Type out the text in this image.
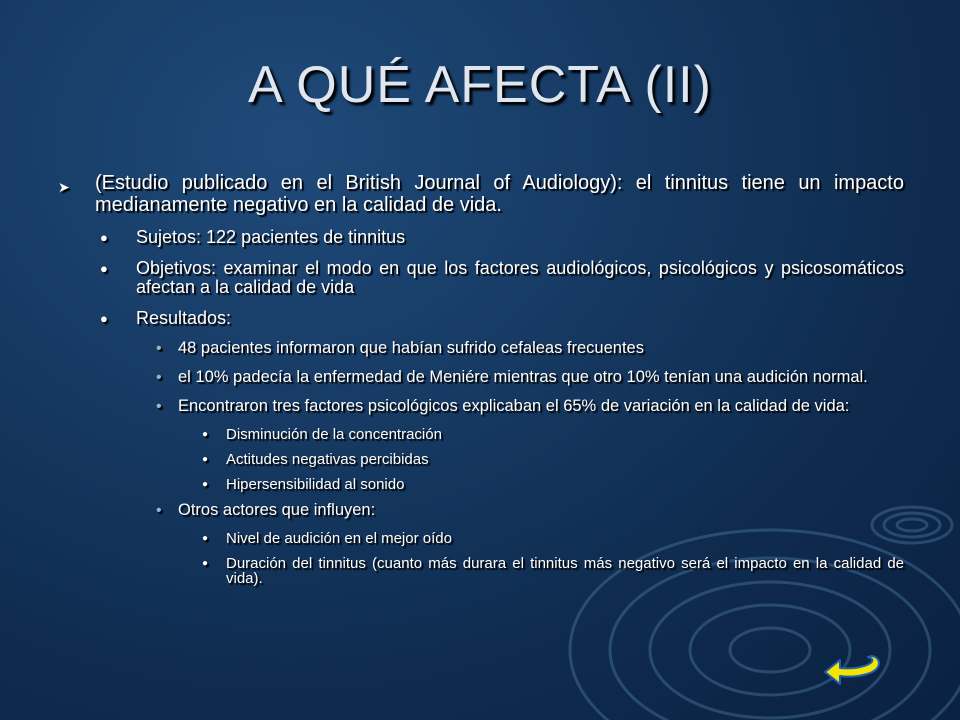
A QUÉ AFECTA (II)
➤ (Estudio publicado en el British Journal of Audiology): el tinnitus tiene un impacto medianamente negativo en la calidad de vida.
● Sujetos: 122 pacientes de tinnitus
● Objetivos: examinar el modo en que los factores audiológicos, psicológicos y psicosomáticos afectan a la calidad de vida
● Resultados:
• 48 pacientes informaron que habían sufrido cefaleas frecuentes
• el 10% padecía la enfermedad de Meniére mientras que otro 10% tenían una audición normal.
• Encontraron tres factores psicológicos explicaban el 65% de variación en la calidad de vida:
● Disminución de la concentración
● Actitudes negativas percibidas
● Hipersensibilidad al sonido
• Otros actores que influyen:
● Nivel de audición en el mejor oído
● Duración del tinnitus (cuanto más durara el tinnitus más negativo será el impacto en la calidad de vida).
